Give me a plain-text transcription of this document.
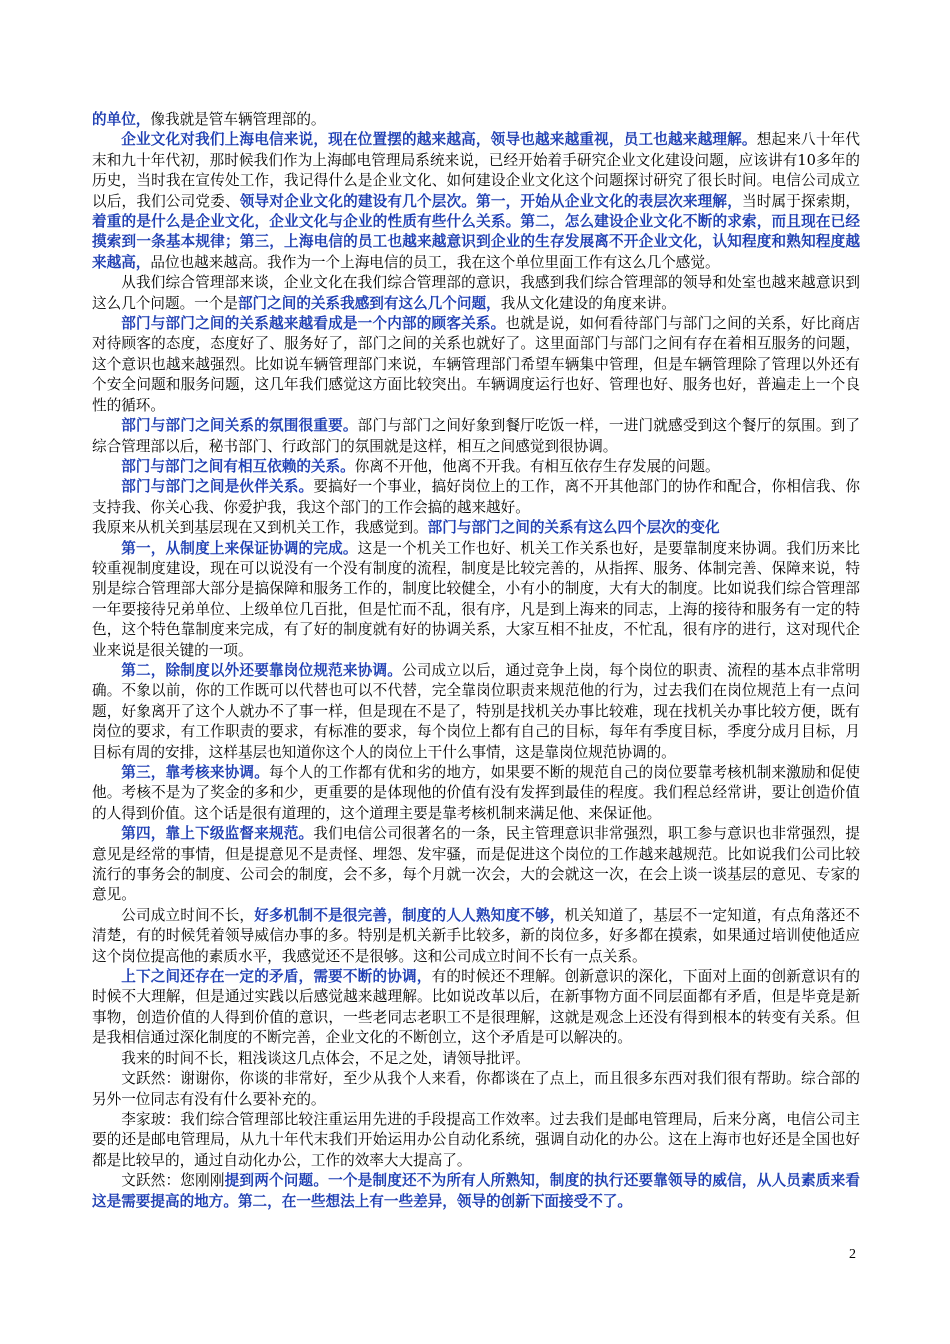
的单位，像我就是管车辆管理部的。

企业文化对我们上海电信来说，现在位置摆的越来越高，领导也越来越重视，员工也越来越理解。想起来八十年代末和九十年代初，那时候我们作为上海邮电管理局系统来说，已经开始着手研究企业文化建设问题，应该讲有10多年的历史，当时我在宣传处工作，我记得什么是企业文化、如何建设企业文化这个问题探讨研究了很长时间。电信公司成立以后，我们公司党委、领导对企业文化的建设有几个层次。第一，开始从企业文化的表层次来理解，当时属于探索期，着重的是什么是企业文化，企业文化与企业的性质有些什么关系。第二，怎么建设企业文化不断的求索，而且现在已经摸索到一条基本规律；第三，上海电信的员工也越来越意识到企业的生存发展离不开企业文化，认知程度和熟知程度越来越高，品位也越来越高。我作为一个上海电信的员工，我在这个单位里面工作有这么几个感觉。

从我们综合管理部来谈，企业文化在我们综合管理部的意识，我感到我们综合管理部的领导和处室也越来越意识到这么几个问题。一个是部门之间的关系我感到有这么几个问题，我从文化建设的角度来讲。

部门与部门之间的关系越来越看成是一个内部的顾客关系。也就是说，如何看待部门与部门之间的关系，好比商店对待顾客的态度，态度好了、服务好了，部门之间的关系也就好了。这里面部门与部门之间有存在着相互服务的问题，这个意识也越来越强烈。比如说车辆管理部门来说，车辆管理部门希望车辆集中管理，但是车辆管理除了管理以外还有个安全问题和服务问题，这几年我们感觉这方面比较突出。车辆调度运行也好、管理也好、服务也好，普遍走上一个良性的循环。

部门与部门之间关系的氛围很重要。部门与部门之间好象到餐厅吃饭一样，一进门就感受到这个餐厅的氛围。到了综合管理部以后，秘书部门、行政部门的氛围就是这样，相互之间感觉到很协调。

部门与部门之间有相互依赖的关系。你离不开他，他离不开我。有相互依存生存发展的问题。

部门与部门之间是伙伴关系。要搞好一个事业，搞好岗位上的工作，离不开其他部门的协作和配合，你相信我、你支持我、你关心我、你爱护我，我这个部门的工作会搞的越来越好。

我原来从机关到基层现在又到机关工作，我感觉到。部门与部门之间的关系有这么四个层次的变化

第一，从制度上来保证协调的完成。这是一个机关工作也好、机关工作关系也好，是要靠制度来协调。我们历来比较重视制度建设，现在可以说没有一个没有制度的流程，制度是比较完善的，从指挥、服务、体制完善、保障来说，特别是综合管理部大部分是搞保障和服务工作的，制度比较健全，小有小的制度，大有大的制度。比如说我们综合管理部一年要接待兄弟单位、上级单位几百批，但是忙而不乱，很有序，凡是到上海来的同志，上海的接待和服务有一定的特色，这个特色靠制度来完成，有了好的制度就有好的协调关系，大家互相不扯皮，不忙乱，很有序的进行，这对现代企业来说是很关键的一项。

第二，除制度以外还要靠岗位规范来协调。公司成立以后，通过竞争上岗，每个岗位的职责、流程的基本点非常明确。不象以前，你的工作既可以代替也可以不代替，完全靠岗位职责来规范他的行为，过去我们在岗位规范上有一点问题，好象离开了这个人就办不了事一样，但是现在不是了，特别是找机关办事比较难，现在找机关办事比较方便，既有岗位的要求，有工作职责的要求，有标准的要求，每个岗位上都有自己的目标，每年有季度目标，季度分成月目标，月目标有周的安排，这样基层也知道你这个人的岗位上干什么事情，这是靠岗位规范协调的。

第三，靠考核来协调。每个人的工作都有优和劣的地方，如果要不断的规范自己的岗位要靠考核机制来激励和促使他。考核不是为了奖金的多和少，更重要的是体现他的价值有没有发挥到最佳的程度。我们程总经常讲，要让创造价值的人得到价值。这个话是很有道理的，这个道理主要是靠考核机制来满足他、来保证他。

第四，靠上下级监督来规范。我们电信公司很著名的一条，民主管理意识非常强烈，职工参与意识也非常强烈，提意见是经常的事情，但是提意见不是责怪、埋怨、发牢骚，而是促进这个岗位的工作越来越规范。比如说我们公司比较流行的事务会的制度、公司会的制度，会不多，每个月就一次会，大的会就这一次，在会上谈一谈基层的意见、专家的意见。

公司成立时间不长，好多机制不是很完善，制度的人人熟知度不够，机关知道了，基层不一定知道，有点角落还不清楚，有的时候凭着领导威信办事的多。特别是机关新手比较多，新的岗位多，好多都在摸索，如果通过培训使他适应这个岗位提高他的素质水平，我感觉还不是很够。这和公司成立时间不长有一点关系。

上下之间还存在一定的矛盾，需要不断的协调，有的时候还不理解。创新意识的深化，下面对上面的创新意识有的时候不大理解，但是通过实践以后感觉越来越理解。比如说改革以后，在新事物方面不同层面都有矛盾，但是毕竟是新事物，创造价值的人得到价值的意识，一些老同志老职工不是很理解，这就是观念上还没有得到根本的转变有关系。但是我相信通过深化制度的不断完善，企业文化的不断创立，这个矛盾是可以解决的。

我来的时间不长，粗浅谈这几点体会，不足之处，请领导批评。

文跃然：谢谢你，你谈的非常好，至少从我个人来看，你都谈在了点上，而且很多东西对我们很有帮助。综合部的另外一位同志有没有什么要补充的。

李家玻：我们综合管理部比较注重运用先进的手段提高工作效率。过去我们是邮电管理局，后来分离，电信公司主要的还是邮电管理局，从九十年代末我们开始运用办公自动化系统，强调自动化的办公。这在上海市也好还是全国也好都是比较早的，通过自动化办公，工作的效率大大提高了。

文跃然：您刚刚提到两个问题。一个是制度还不为所有人所熟知，制度的执行还要靠领导的威信，从人员素质来看这是需要提高的地方。第二，在一些想法上有一些差异，领导的创新下面接受不了。

2
